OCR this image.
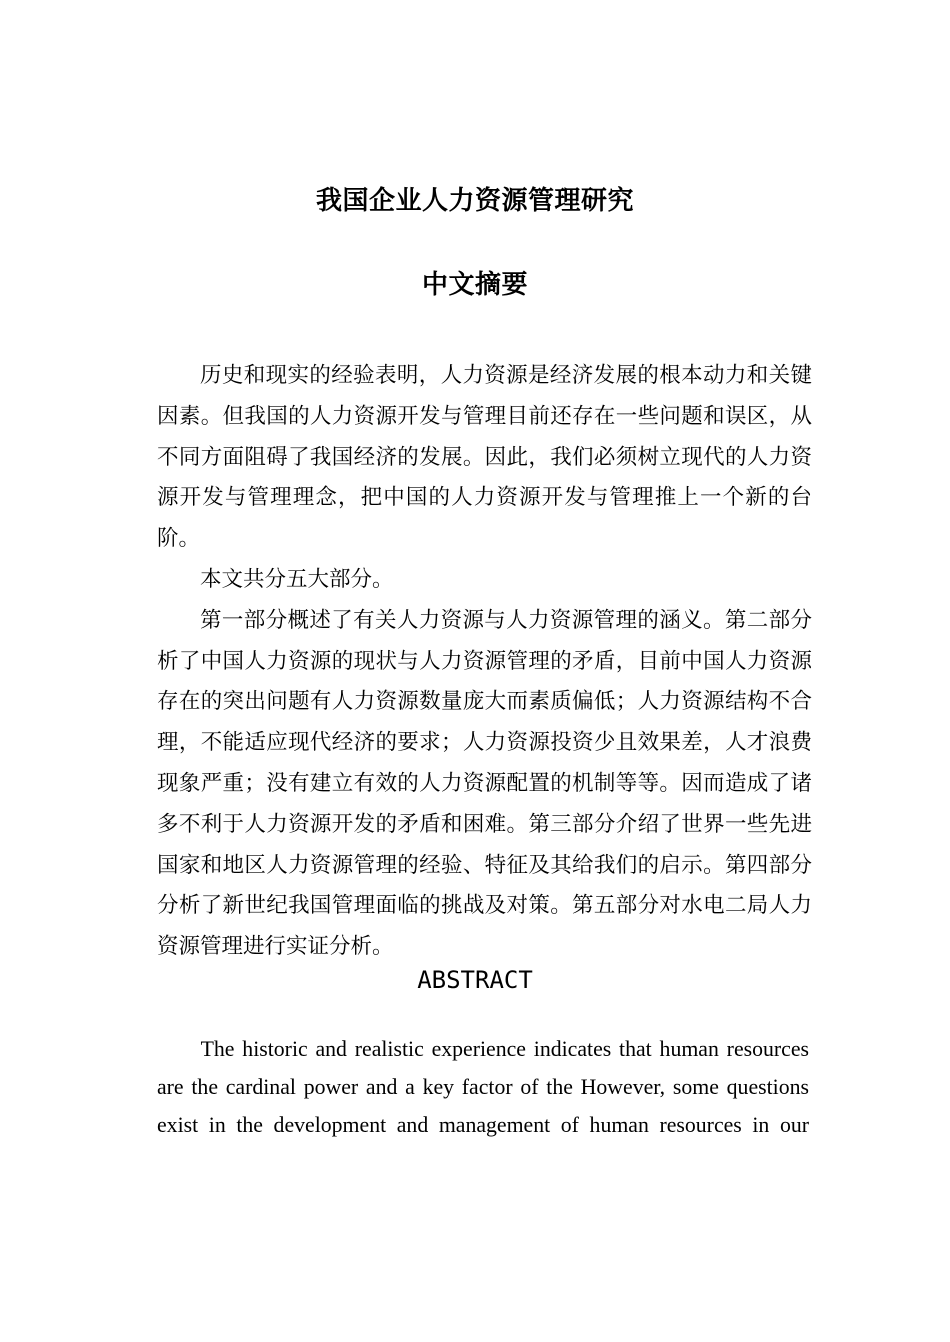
我国企业人力资源管理研究
中文摘要

历史和现实的经验表明，人力资源是经济发展的根本动力和关键因素。但我国的人力资源开发与管理目前还存在一些问题和误区，从不同方面阻碍了我国经济的发展。因此，我们必须树立现代的人力资源开发与管理理念，把中国的人力资源开发与管理推上一个新的台阶。

本文共分五大部分。

第一部分概述了有关人力资源与人力资源管理的涵义。第二部分析了中国人力资源的现状与人力资源管理的矛盾，目前中国人力资源存在的突出问题有人力资源数量庞大而素质偏低；人力资源结构不合理，不能适应现代经济的要求；人力资源投资少且效果差，人才浪费现象严重；没有建立有效的人力资源配置的机制等等。因而造成了诸多不利于人力资源开发的矛盾和困难。第三部分介绍了世界一些先进国家和地区人力资源管理的经验、特征及其给我们的启示。第四部分分析了新世纪我国管理面临的挑战及对策。第五部分对水电二局人力资源管理进行实证分析。

ABSTRACT

The historic and realistic experience indicates that human resources are the cardinal power and a key factor of the However, some questions exist in the development and management of human resources in our
